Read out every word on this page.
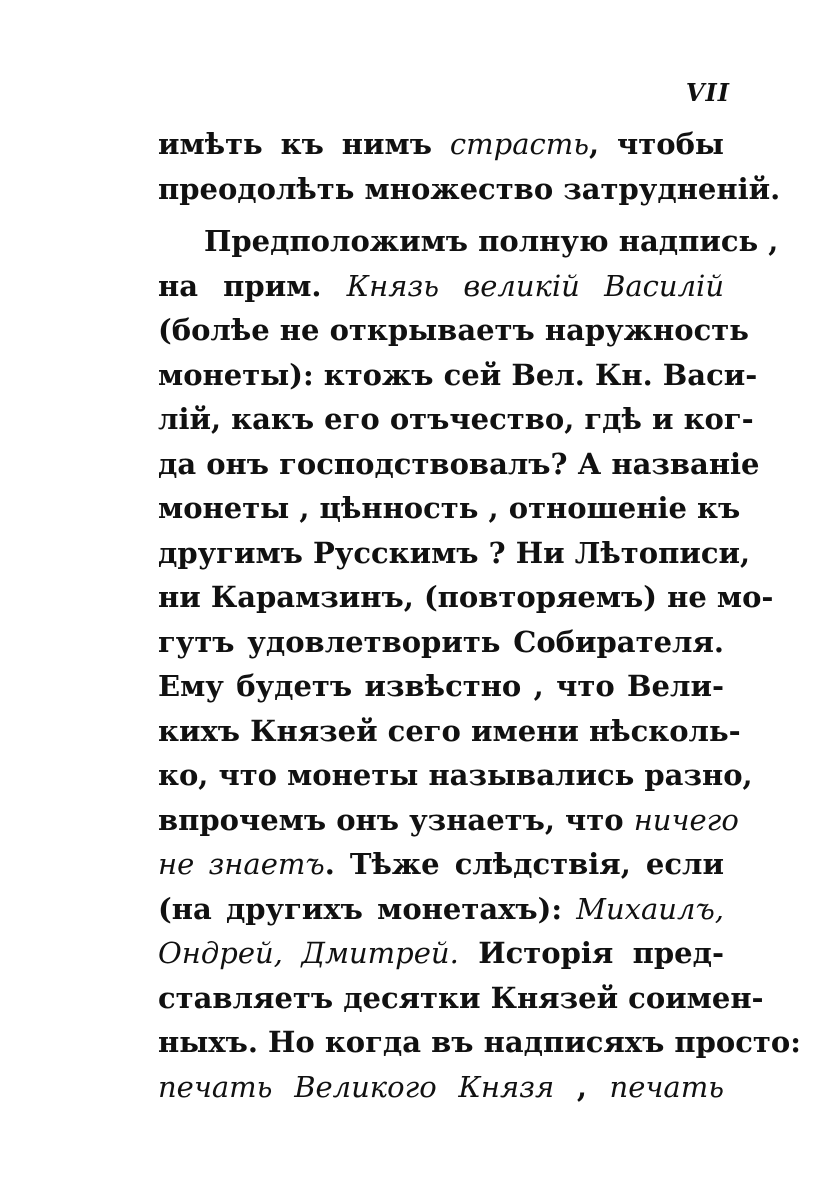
VII
имѣть къ нимъ страсть, чтобы
преодолѣть множество затрудненій.
Предположимъ полную надпись ,
на прим. Князь великій Василій
(болѣе не открываетъ наружность
монеты): ктожъ сей Вел. Кн. Васи-
лій, какъ его отъчество, гдѣ и ког-
да онъ господствовалъ? А названіе
монеты , цѣнность , отношеніе къ
другимъ Русскимъ ? Ни Лѣтописи,
ни Карамзинъ, (повторяемъ) не мо-
гутъ удовлетворить Собирателя.
Ему будетъ извѣстно , что Вели-
кихъ Князей сего имени нѣсколь-
ко, что монеты назывались разно,
впрочемъ онъ узнаетъ, что ничего
не знаетъ. Тѣже слѣдствія, если
(на другихъ монетахъ): Михаилъ,
Ондрей, Дмитрей. Исторія пред-
ставляетъ десятки Князей соимен-
ныхъ. Но когда въ надписяхъ просто:
печать Великого Князя , печать
